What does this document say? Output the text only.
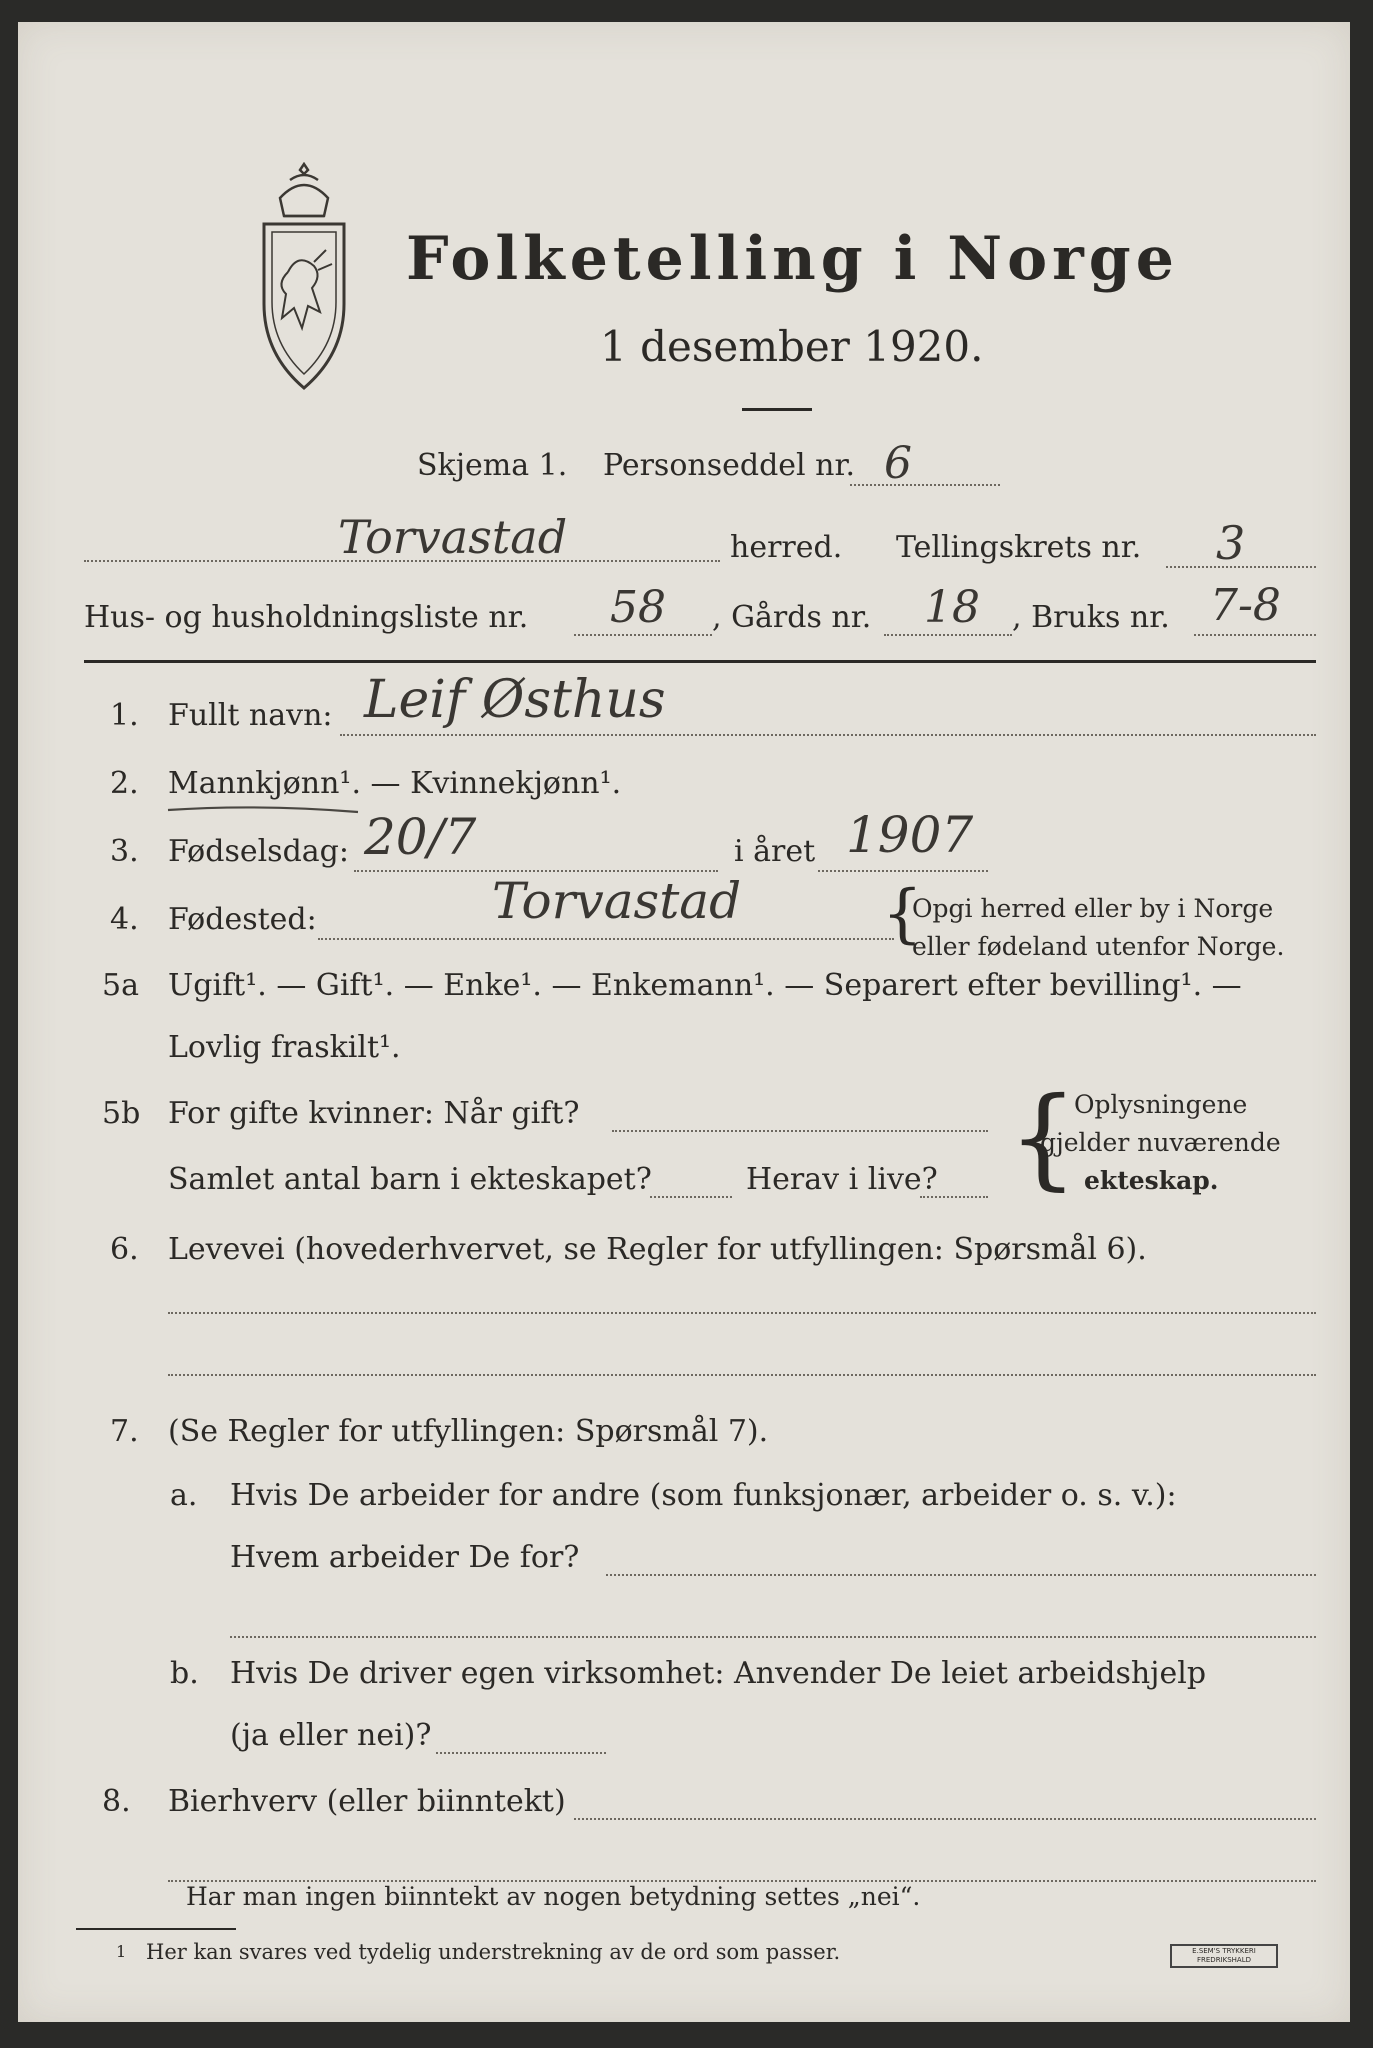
Folketelling i Norge
1 desember 1920.
Skjema 1. Personseddel nr. 6
Torvastad	herred. Tellingskrets nr. 3
Hus- og husholdningsliste nr. 58 , Gårds nr. 18 , Bruks nr. 7-8
1. Fullt navn: Leif Østhus
2. Mannkjønn¹. — Kvinnekjønn¹.
3. Fødselsdag: 20/7	i året 1907
4. Fødested:	Torvastad {
Opgi herred eller by i Norge
eller fødeland utenfor Norge.
5a Ugift¹. — Gift¹. — Enke¹. — Enkemann¹. — Separert efter bevilling¹. —
Lovlig fraskilt¹.
5b For gifte kvinner: Når gift?
Samlet antal barn i ekteskapet?	Herav i live? {
Oplysningene
gjelder nuværende
ekteskap.
6. Levevei (hovederhvervet, se Regler for utfyllingen: Spørsmål 6).
7. (Se Regler for utfyllingen: Spørsmål 7).
a. Hvis De arbeider for andre (som funksjonær, arbeider o. s. v.):
Hvem arbeider De for?
b. Hvis De driver egen virksomhet: Anvender De leiet arbeidshjelp
(ja eller nei)?
8. Bierhverv (eller biinntekt)
Har man ingen biinntekt av nogen betydning settes „nei“.
1 Her kan svares ved tydelig understrekning av de ord som passer.	E.SEM'S TRYKKERI
FREDRIKSHALD
